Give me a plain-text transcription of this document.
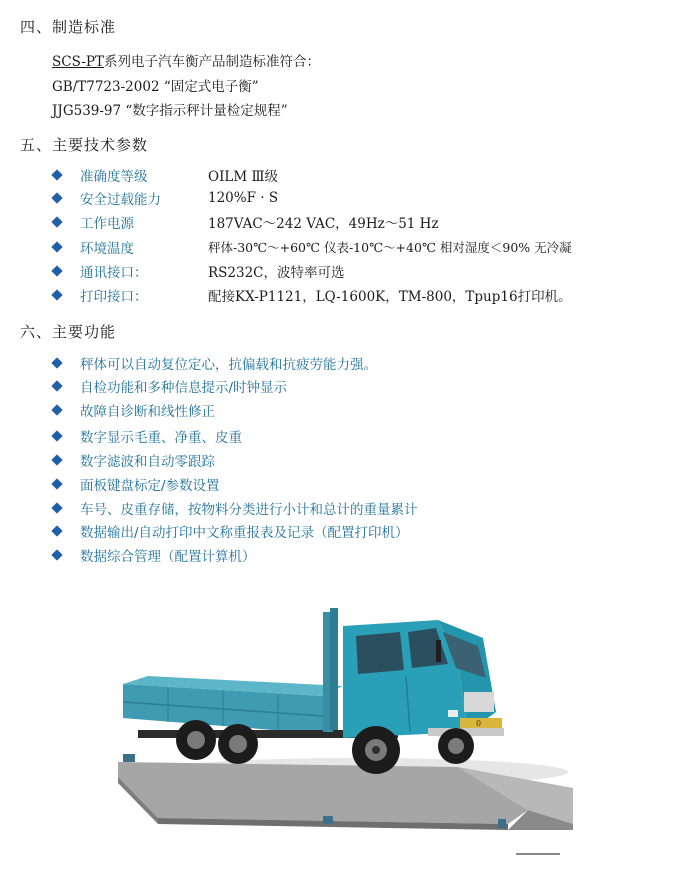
四、制造标准
SCS-PT系列电子汽车衡产品制造标准符合：
GB/T7723-2002 “固定式电子衡”
JJG539-97 “数字指示秤计量检定规程”
五、主要技术参数
准确度等级	OILM Ⅲ级
安全过载能力	120%F · S
工作电源	187VAC～242 VAC，49Hz～51 Hz
环境温度	秤体-30℃～+60℃ 仪表-10℃～+40℃ 相对湿度＜90% 无冷凝
通讯接口：	RS232C，波特率可选
打印接口：	配接KX-P1121，LQ-1600K，TM-800，Tpup16打印机。
六、主要功能
秤体可以自动复位定心，抗偏载和抗疲劳能力强。
自检功能和多种信息提示/时钟显示
故障自诊断和线性修正
数字显示毛重、净重、皮重
数字滤波和自动零跟踪
面板键盘标定/参数设置
车号、皮重存储，按物料分类进行小计和总计的重量累计
数据输出/自动打印中文称重报表及记录（配置打印机）
数据综合管理（配置计算机）
0
